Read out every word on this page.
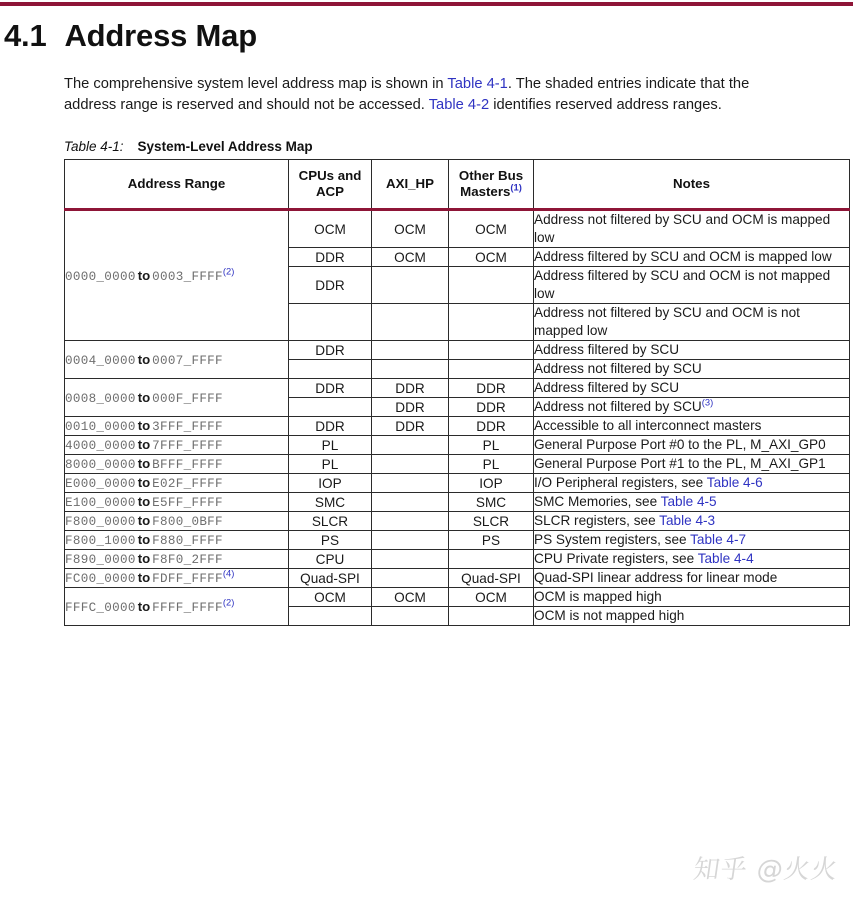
4.1 Address Map

The comprehensive system level address map is shown in Table 4-1. The shaded entries indicate that the address range is reserved and should not be accessed. Table 4-2 identifies reserved address ranges.

Table 4-1: System-Level Address Map
Address Range	CPUs and ACP	AXI_HP	Other Bus Masters$^{(1)}$	Notes
0000_0000 to 0003_FFFF$^{(2)}$	OCM	OCM	OCM	Address not filtered by SCU and OCM is mapped low
	DDR	OCM	OCM	Address filtered by SCU and OCM is mapped low
	DDR			Address filtered by SCU and OCM is not mapped low
				Address not filtered by SCU and OCM is not mapped low
0004_0000 to 0007_FFFF	DDR			Address filtered by SCU
				Address not filtered by SCU
0008_0000 to 000F_FFFF	DDR	DDR	DDR	Address filtered by SCU
		DDR	DDR	Address not filtered by SCU$^{(3)}$
0010_0000 to 3FFF_FFFF	DDR	DDR	DDR	Accessible to all interconnect masters
4000_0000 to 7FFF_FFFF	PL		PL	General Purpose Port #0 to the PL, M_AXI_GP0
8000_0000 to BFFF_FFFF	PL		PL	General Purpose Port #1 to the PL, M_AXI_GP1
E000_0000 to E02F_FFFF	IOP		IOP	I/O Peripheral registers, see Table 4-6
E100_0000 to E5FF_FFFF	SMC		SMC	SMC Memories, see Table 4-5
F800_0000 to F800_0BFF	SLCR		SLCR	SLCR registers, see Table 4-3
F800_1000 to F880_FFFF	PS		PS	PS System registers, see Table 4-7
F890_0000 to F8F0_2FFF	CPU			CPU Private registers, see Table 4-4
FC00_0000 to FDFF_FFFF$^{(4)}$	Quad-SPI		Quad-SPI	Quad-SPI linear address for linear mode
FFFC_0000 to FFFF_FFFF$^{(2)}$	OCM	OCM	OCM	OCM is mapped high
				OCM is not mapped high
知乎 @火火
